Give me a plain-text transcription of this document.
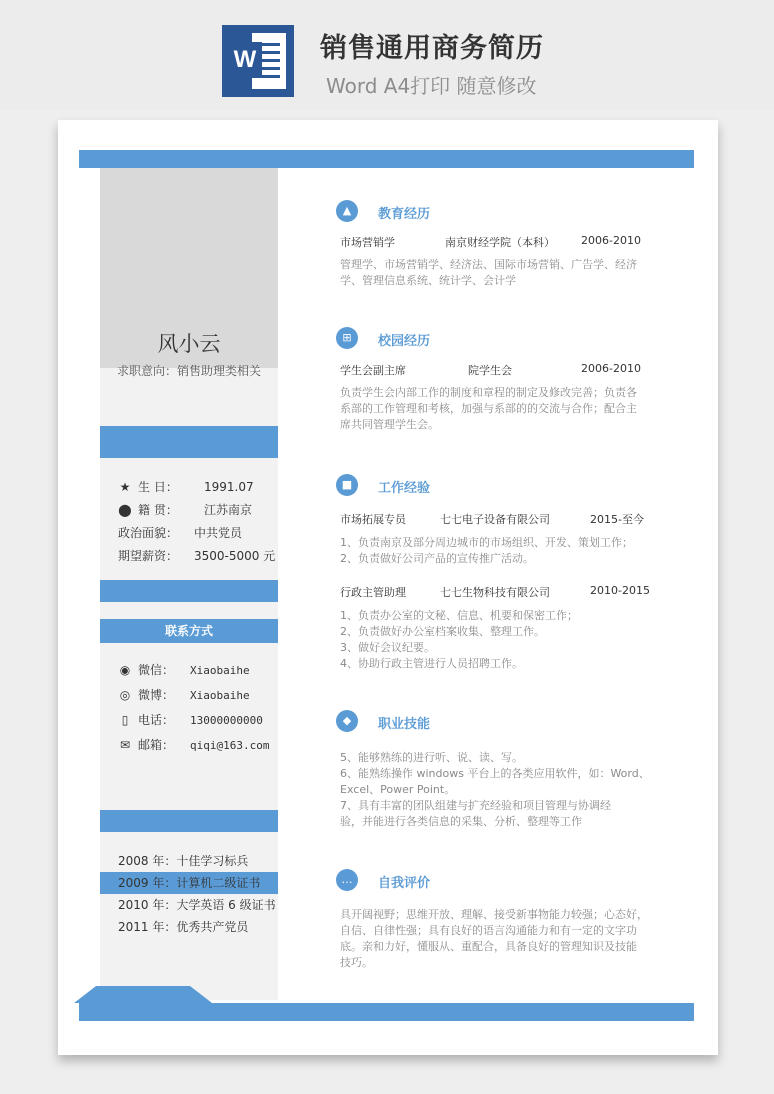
W 销售通用商务简历
Word A4打印 随意修改
风小云
求职意向：销售助理类相关
★ 生 日： 1991.07
⬤ 籍 贯： 江苏南京
政治面貌： 中共党员
期望薪资： 3500-5000 元
联系方式
◉ 微信： Xiaobaihe
◎ 微博： Xiaobaihe
▯ 电话： 13000000000
✉ 邮箱： qiqi@163.com
2008 年：十佳学习标兵
2009 年：计算机二级证书
2010 年：大学英语 6 级证书
2011 年：优秀共产党员
▲	教育经历
市场营销学	南京财经学院（本科） 2006-2010

管理学、市场营销学、经济法、国际市场营销、广告学、经济

学、管理信息系统、统计学、会计学

⊞	校园经历
学生会副主席	院学生会	2006-2010

负责学生会内部工作的制度和章程的制定及修改完善；负责各

系部的工作管理和考核，加强与系部的的交流与合作；配合主

席共同管理学生会。

■	工作经验
市场拓展专员	七七电子设备有限公司	2015-至今

1、负责南京及部分周边城市的市场组织、开发、策划工作；

2、负责做好公司产品的宣传推广活动。

行政主管助理	七七生物科技有限公司	2010-2015

1、负责办公室的文秘、信息、机要和保密工作；

2、负责做好办公室档案收集、整理工作。

3、做好会议纪要。

4、协助行政主管进行人员招聘工作。

◆	职业技能

5、能够熟练的进行听、说、读、写。

6、能熟练操作 windows 平台上的各类应用软件，如：Word、

Excel、Power Point。

7、具有丰富的团队组建与扩充经验和项目管理与协调经

验，并能进行各类信息的采集、分析、整理等工作

…	自我评价

具开阔视野；思维开放、理解、接受新事物能力较强；心态好，

自信、自律性强；具有良好的语言沟通能力和有一定的文字功

底。亲和力好，懂服从、重配合，具备良好的管理知识及技能

技巧。
